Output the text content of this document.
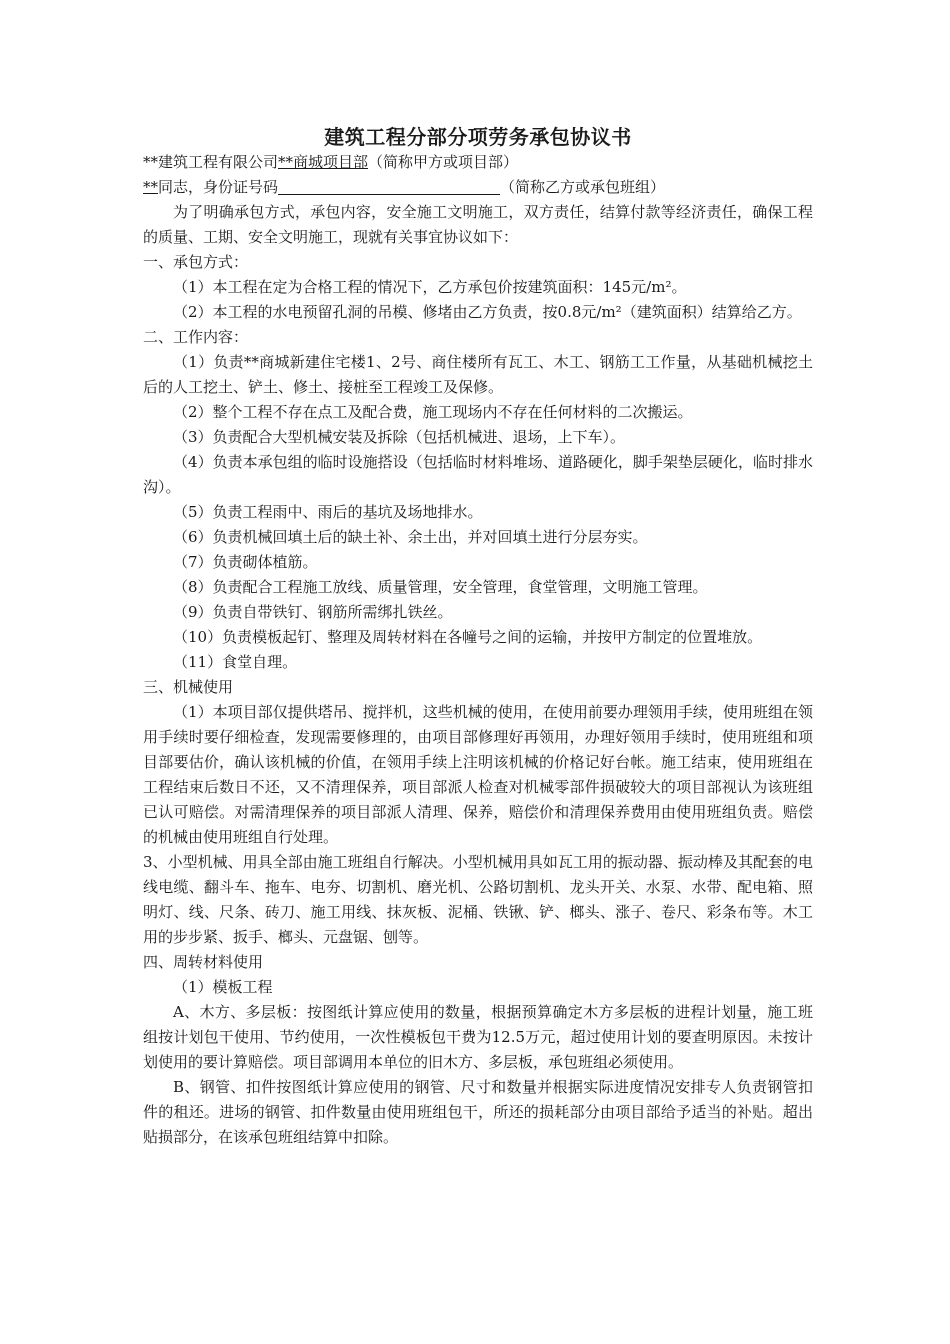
建筑工程分部分项劳务承包协议书

**建筑工程有限公司**商城项目部（简称甲方或项目部）

**同志，身份证号码	（简称乙方或承包班组）

为了明确承包方式，承包内容，安全施工文明施工，双方责任，结算付款等经济责任，确保工程的质量、工期、安全文明施工，现就有关事宜协议如下：

一、承包方式：

（1）本工程在定为合格工程的情况下，乙方承包价按建筑面积：145元/m²。

（2）本工程的水电预留孔洞的吊模、修堵由乙方负责，按0.8元/m²（建筑面积）结算给乙方。

二、工作内容：

（1）负责**商城新建住宅楼1、2号、商住楼所有瓦工、木工、钢筋工工作量，从基础机械挖土后的人工挖土、铲土、修土、接桩至工程竣工及保修。

（2）整个工程不存在点工及配合费，施工现场内不存在任何材料的二次搬运。

（3）负责配合大型机械安装及拆除（包括机械进、退场，上下车）。

（4）负责本承包组的临时设施搭设（包括临时材料堆场、道路硬化，脚手架垫层硬化，临时排水沟）。

（5）负责工程雨中、雨后的基坑及场地排水。

（6）负责机械回填土后的缺土补、余土出，并对回填土进行分层夯实。

（7）负责砌体植筋。

（8）负责配合工程施工放线、质量管理，安全管理，食堂管理，文明施工管理。

（9）负责自带铁钉、钢筋所需绑扎铁丝。

（10）负责模板起钉、整理及周转材料在各幢号之间的运输，并按甲方制定的位置堆放。

（11）食堂自理。

三、机械使用

（1）本项目部仅提供塔吊、搅拌机，这些机械的使用，在使用前要办理领用手续，使用班组在领用手续时要仔细检查，发现需要修理的，由项目部修理好再领用，办理好领用手续时，使用班组和项目部要估价，确认该机械的价值，在领用手续上注明该机械的价格记好台帐。施工结束，使用班组在工程结束后数日不还，又不清理保养，项目部派人检查对机械零部件损破较大的项目部视认为该班组已认可赔偿。对需清理保养的项目部派人清理、保养，赔偿价和清理保养费用由使用班组负责。赔偿的机械由使用班组自行处理。

3、小型机械、用具全部由施工班组自行解决。小型机械用具如瓦工用的振动器、振动棒及其配套的电线电缆、翻斗车、拖车、电夯、切割机、磨光机、公路切割机、龙头开关、水泵、水带、配电箱、照明灯、线、尺条、砖刀、施工用线、抹灰板、泥桶、铁锹、铲、榔头、涨子、卷尺、彩条布等。木工用的步步紧、扳手、榔头、元盘锯、刨等。

四、周转材料使用

（1）模板工程

A、木方、多层板：按图纸计算应使用的数量，根据预算确定木方多层板的进程计划量，施工班组按计划包干使用、节约使用，一次性模板包干费为12.5万元，超过使用计划的要查明原因。未按计划使用的要计算赔偿。项目部调用本单位的旧木方、多层板，承包班组必须使用。

B、钢管、扣件按图纸计算应使用的钢管、尺寸和数量并根据实际进度情况安排专人负责钢管扣件的租还。进场的钢管、扣件数量由使用班组包干，所还的损耗部分由项目部给予适当的补贴。超出贴损部分，在该承包班组结算中扣除。
